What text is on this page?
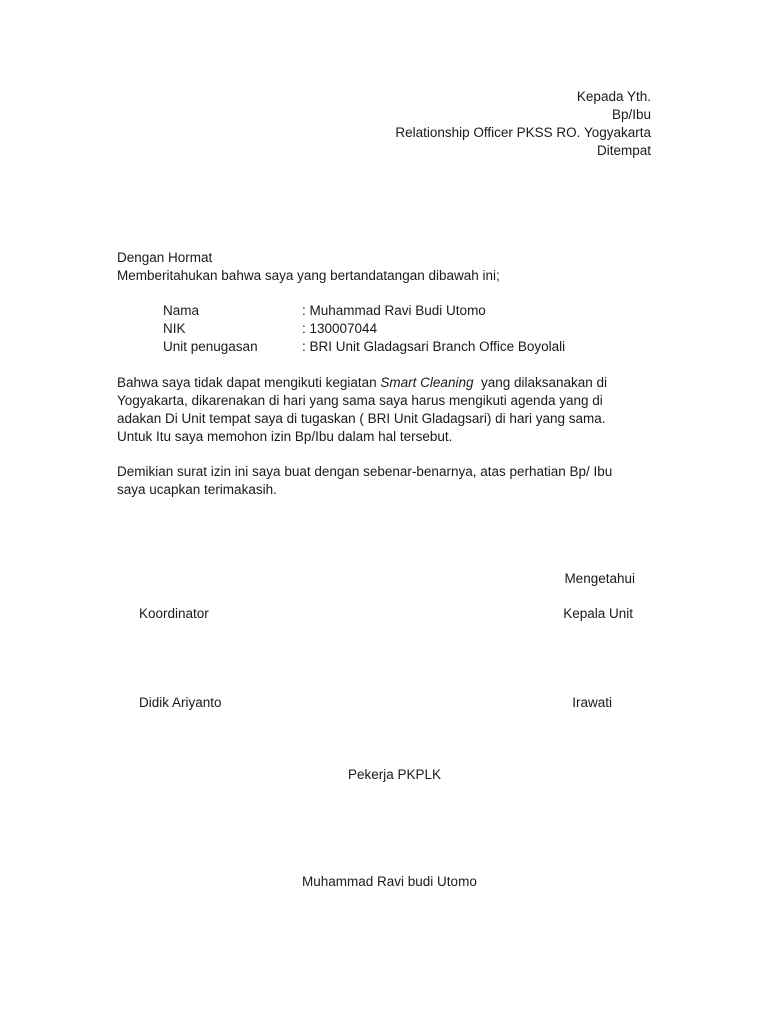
Kepada Yth.
Bp/Ibu
Relationship Officer PKSS RO. Yogyakarta
Ditempat
Dengan Hormat
Memberitahukan bahwa saya yang bertandatangan dibawah ini;
Nama	: Muhammad Ravi Budi Utomo
NIK	: 130007044
Unit penugasan	: BRI Unit Gladagsari Branch Office Boyolali
Bahwa saya tidak dapat mengikuti kegiatan Smart Cleaning  yang dilaksanakan di
Yogyakarta, dikarenakan di hari yang sama saya harus mengikuti agenda yang di
adakan Di Unit tempat saya di tugaskan ( BRI Unit Gladagsari) di hari yang sama.
Untuk Itu saya memohon izin Bp/Ibu dalam hal tersebut.
Demikian surat izin ini saya buat dengan sebenar-benarnya, atas perhatian Bp/ Ibu
saya ucapkan terimakasih.
Mengetahui
Koordinator	Kepala Unit
Didik Ariyanto	Irawati
Pekerja PKPLK
Muhammad Ravi budi Utomo
